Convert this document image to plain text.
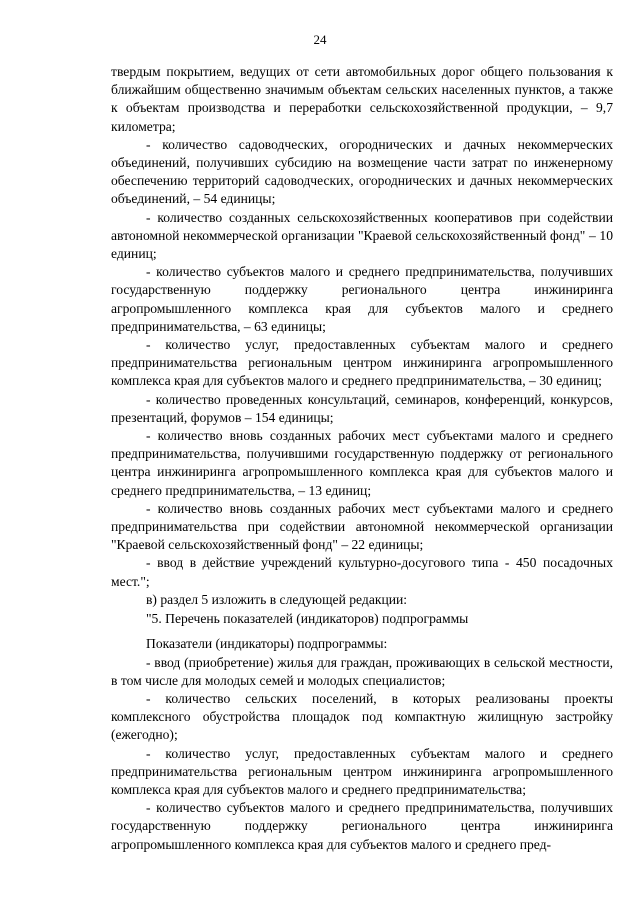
24

твердым покрытием, ведущих от сети автомобильных дорог общего пользования к ближайшим общественно значимым объектам сельских населенных пунктов, а также к объектам производства и переработки сельскохозяйственной продукции, – 9,7 километра;

- количество садоводческих, огороднических и дачных некоммерческих объединений, получивших субсидию на возмещение части затрат по инженерному обеспечению территорий садоводческих, огороднических и дачных некоммерческих объединений, – 54 единицы;

- количество созданных сельскохозяйственных кооперативов при содействии автономной некоммерческой организации "Краевой сельскохозяйственный фонд" – 10 единиц;

- количество субъектов малого и среднего предпринимательства, получивших государственную поддержку регионального центра инжиниринга агропромышленного комплекса края для субъектов малого и среднего предпринимательства, – 63 единицы;

- количество услуг, предоставленных субъектам малого и среднего предпринимательства региональным центром инжиниринга агропромышленного комплекса края для субъектов малого и среднего предпринимательства, – 30 единиц;

- количество проведенных консультаций, семинаров, конференций, конкурсов, презентаций, форумов – 154 единицы;

- количество вновь созданных рабочих мест субъектами малого и среднего предпринимательства, получившими государственную поддержку от регионального центра инжиниринга агропромышленного комплекса края для субъектов малого и среднего предпринимательства, – 13 единиц;

- количество вновь созданных рабочих мест субъектами малого и среднего предпринимательства при содействии автономной некоммерческой организации "Краевой сельскохозяйственный фонд" – 22 единицы;

- ввод в действие учреждений культурно-досугового типа - 450 посадочных мест.";

в) раздел 5 изложить в следующей редакции:

"5. Перечень показателей (индикаторов) подпрограммы

Показатели (индикаторы) подпрограммы:

- ввод (приобретение) жилья для граждан, проживающих в сельской местности, в том числе для молодых семей и молодых специалистов;

- количество сельских поселений, в которых реализованы проекты комплексного обустройства площадок под компактную жилищную застройку (ежегодно);

- количество услуг, предоставленных субъектам малого и среднего предпринимательства региональным центром инжиниринга агропромышленного комплекса края для субъектов малого и среднего предпринимательства;

- количество субъектов малого и среднего предпринимательства, получивших государственную поддержку регионального центра инжиниринга агропромышленного комплекса края для субъектов малого и среднего пред-
